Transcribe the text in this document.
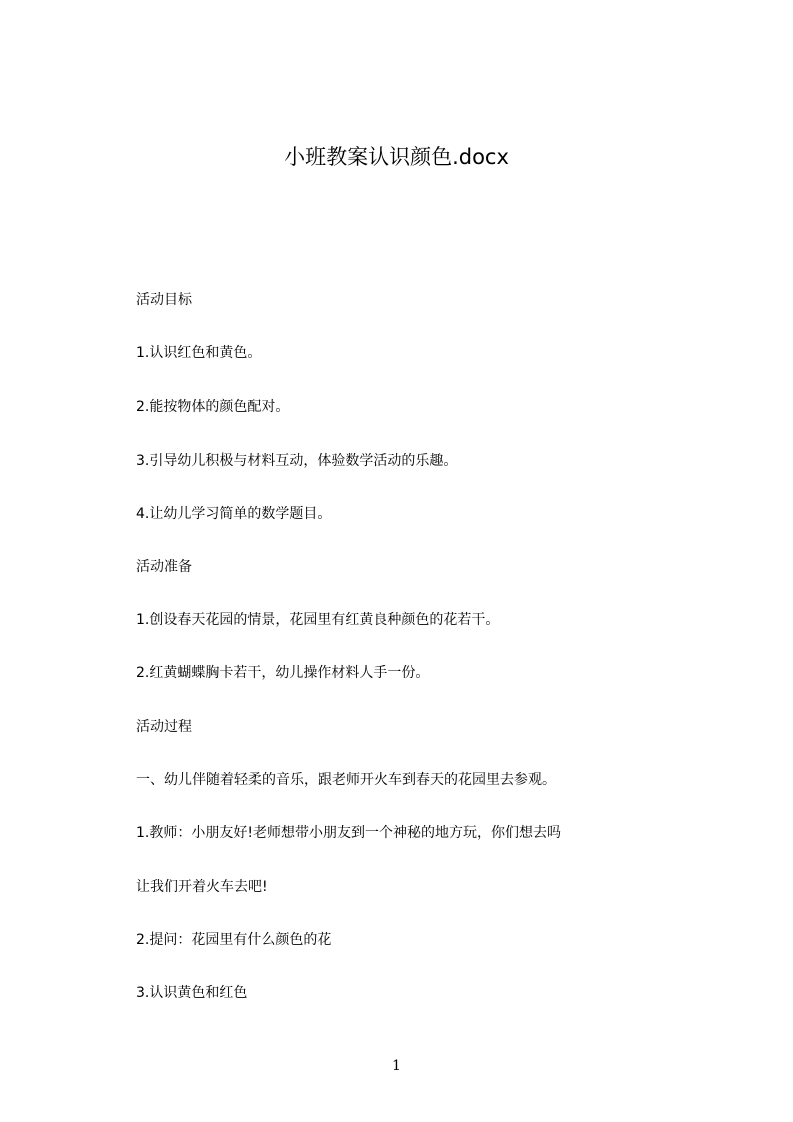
小班教案认识颜色.docx
活动目标
1.认识红色和黄色。
2.能按物体的颜色配对。
3.引导幼儿积极与材料互动，体验数学活动的乐趣。
4.让幼儿学习简单的数学题目。
活动准备
1.创设春天花园的情景，花园里有红黄良种颜色的花若干。
2.红黄蝴蝶胸卡若干，幼儿操作材料人手一份。
活动过程
一、幼儿伴随着轻柔的音乐，跟老师开火车到春天的花园里去参观。
1.教师：小朋友好!老师想带小朋友到一个神秘的地方玩，你们想去吗
让我们开着火车去吧!
2.提问：花园里有什么颜色的花
3.认识黄色和红色
1
